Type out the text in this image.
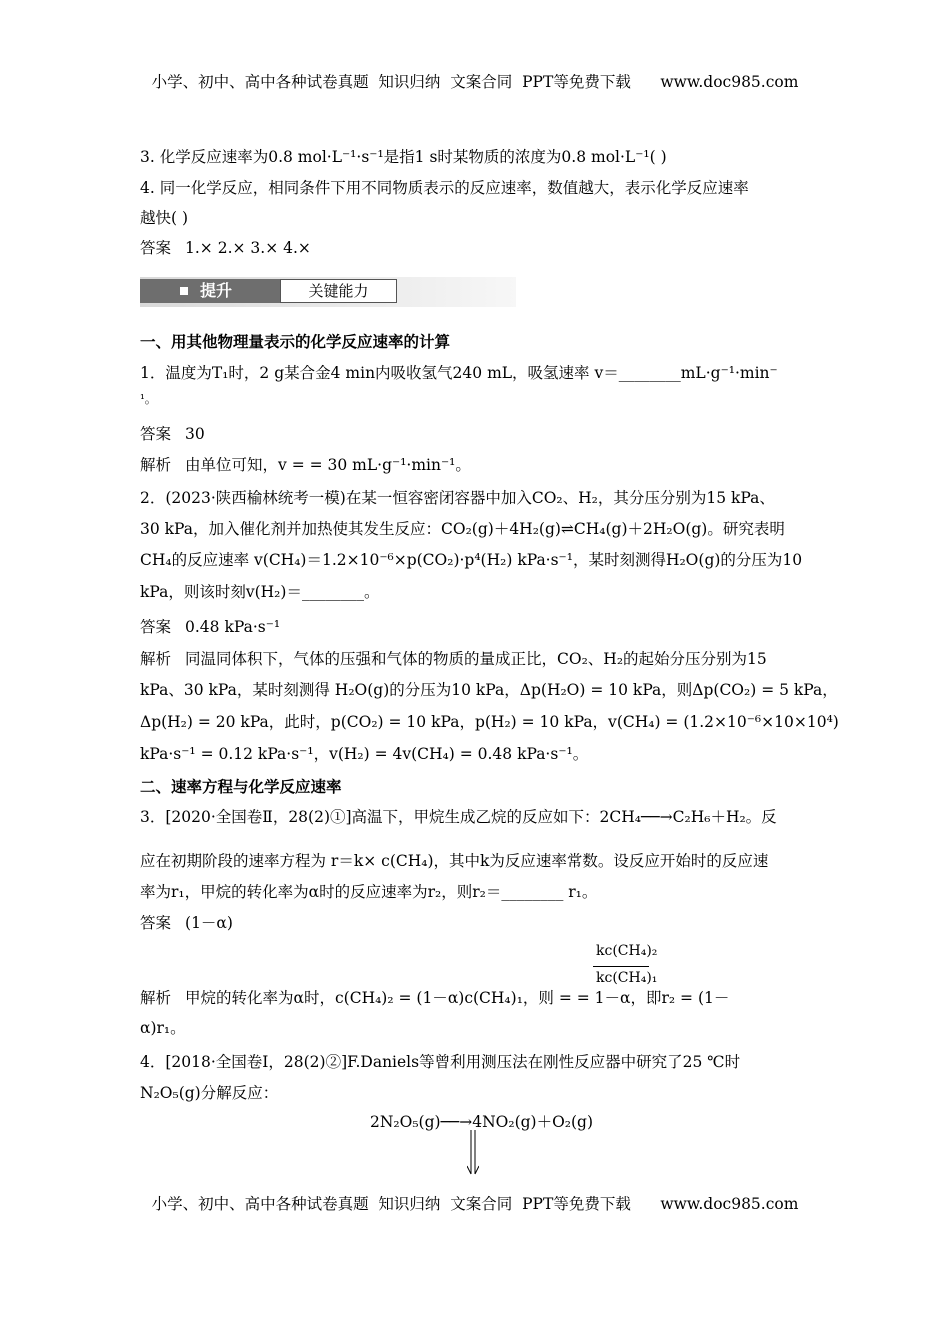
小学、初中、高中各种试卷真题  知识归纳  文案合同  PPT等免费下载      www.doc985.com
3. 化学反应速率为0.8 mol·L⁻¹·s⁻¹是指1 s时某物质的浓度为0.8 mol·L⁻¹( )
4. 同一化学反应，相同条件下用不同物质表示的反应速率，数值越大，表示化学反应速率
越快( )
答案 1.× 2.× 3.× 4.×
提升	关键能力
一、用其他物理量表示的化学反应速率的计算
1．温度为T₁时，2 g某合金4 min内吸收氢气240 mL，吸氢速率 v＝________mL·g⁻¹·min⁻
¹。
答案 30
解析 由单位可知，v = = 30 mL·g⁻¹·min⁻¹。
2．(2023·陕西榆林统考一模)在某一恒容密闭容器中加入CO₂、H₂，其分压分别为15 kPa、
30 kPa，加入催化剂并加热使其发生反应：CO₂(g)＋4H₂(g)⇌CH₄(g)＋2H₂O(g)。研究表明
CH₄的反应速率 v(CH₄)＝1.2×10⁻⁶×p(CO₂)·p⁴(H₂) kPa·s⁻¹，某时刻测得H₂O(g)的分压为10
kPa，则该时刻v(H₂)＝________。
答案 0.48 kPa·s⁻¹
解析 同温同体积下，气体的压强和气体的物质的量成正比，CO₂、H₂的起始分压分别为15
kPa、30 kPa，某时刻测得 H₂O(g)的分压为10 kPa，Δp(H₂O) = 10 kPa，则Δp(CO₂) = 5 kPa，
Δp(H₂) = 20 kPa，此时，p(CO₂) = 10 kPa，p(H₂) = 10 kPa，v(CH₄) = (1.2×10⁻⁶×10×10⁴)
kPa·s⁻¹ = 0.12 kPa·s⁻¹，v(H₂) = 4v(CH₄) = 0.48 kPa·s⁻¹。
二、速率方程与化学反应速率
3．[2020·全国卷Ⅱ，28(2)①]高温下，甲烷生成乙烷的反应如下：2CH₄──→C₂H₆＋H₂。反
应在初期阶段的速率方程为 r＝k× c(CH₄)，其中k为反应速率常数。设反应开始时的反应速
率为r₁，甲烷的转化率为α时的反应速率为r₂，则r₂＝________ r₁。
答案 (1－α)
kc(CH₄)₂
kc(CH₄)₁
解析 甲烷的转化率为α时，c(CH₄)₂ = (1－α)c(CH₄)₁，则 = = 1－α，即r₂ = (1－
α)r₁。
4．[2018·全国卷Ⅰ，28(2)②]F.Daniels等曾利用测压法在刚性反应器中研究了25 ℃时
N₂O₅(g)分解反应：
2N₂O₅(g)──→4NO₂(g)＋O₂(g)
小学、初中、高中各种试卷真题  知识归纳  文案合同  PPT等免费下载      www.doc985.com
